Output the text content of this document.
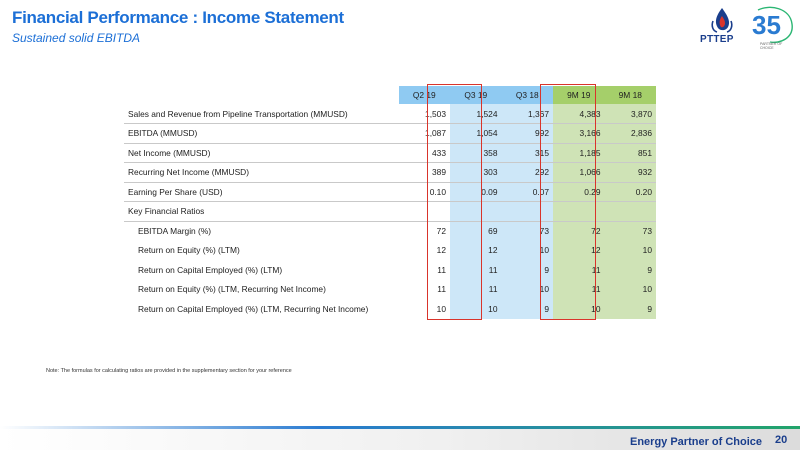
Financial Performance : Income Statement
Sustained solid EBITDA	35
PTTEP	PARTNER OF CHOICE
	Q2 19	Q3 19	Q3 18	9M 19	9M 18
Sales and Revenue from Pipeline Transportation (MMUSD)	1,503	1,524	1,367	4,383	3,870
EBITDA (MMUSD)	1,087	1,054	992	3,166	2,836
Net Income (MMUSD)	433	358	315	1,185	851
Recurring Net Income (MMUSD)	389	303	292	1,066	932
Earning Per Share (USD)	0.10	0.09	0.07	0.29	0.20
Key Financial Ratios					
EBITDA Margin (%)	72	69	73	72	73
Return on Equity (%) (LTM)	12	12	10	12	10
Return on Capital Employed (%) (LTM)	11	11	9	11	9
Return on Equity (%) (LTM, Recurring Net Income)	11	11	10	11	10
Return on Capital Employed (%) (LTM, Recurring Net Income)	10	10	9	10	9
Note: The formulas for calculating ratios are provided in the supplementary section for your reference
Energy Partner of Choice 20
